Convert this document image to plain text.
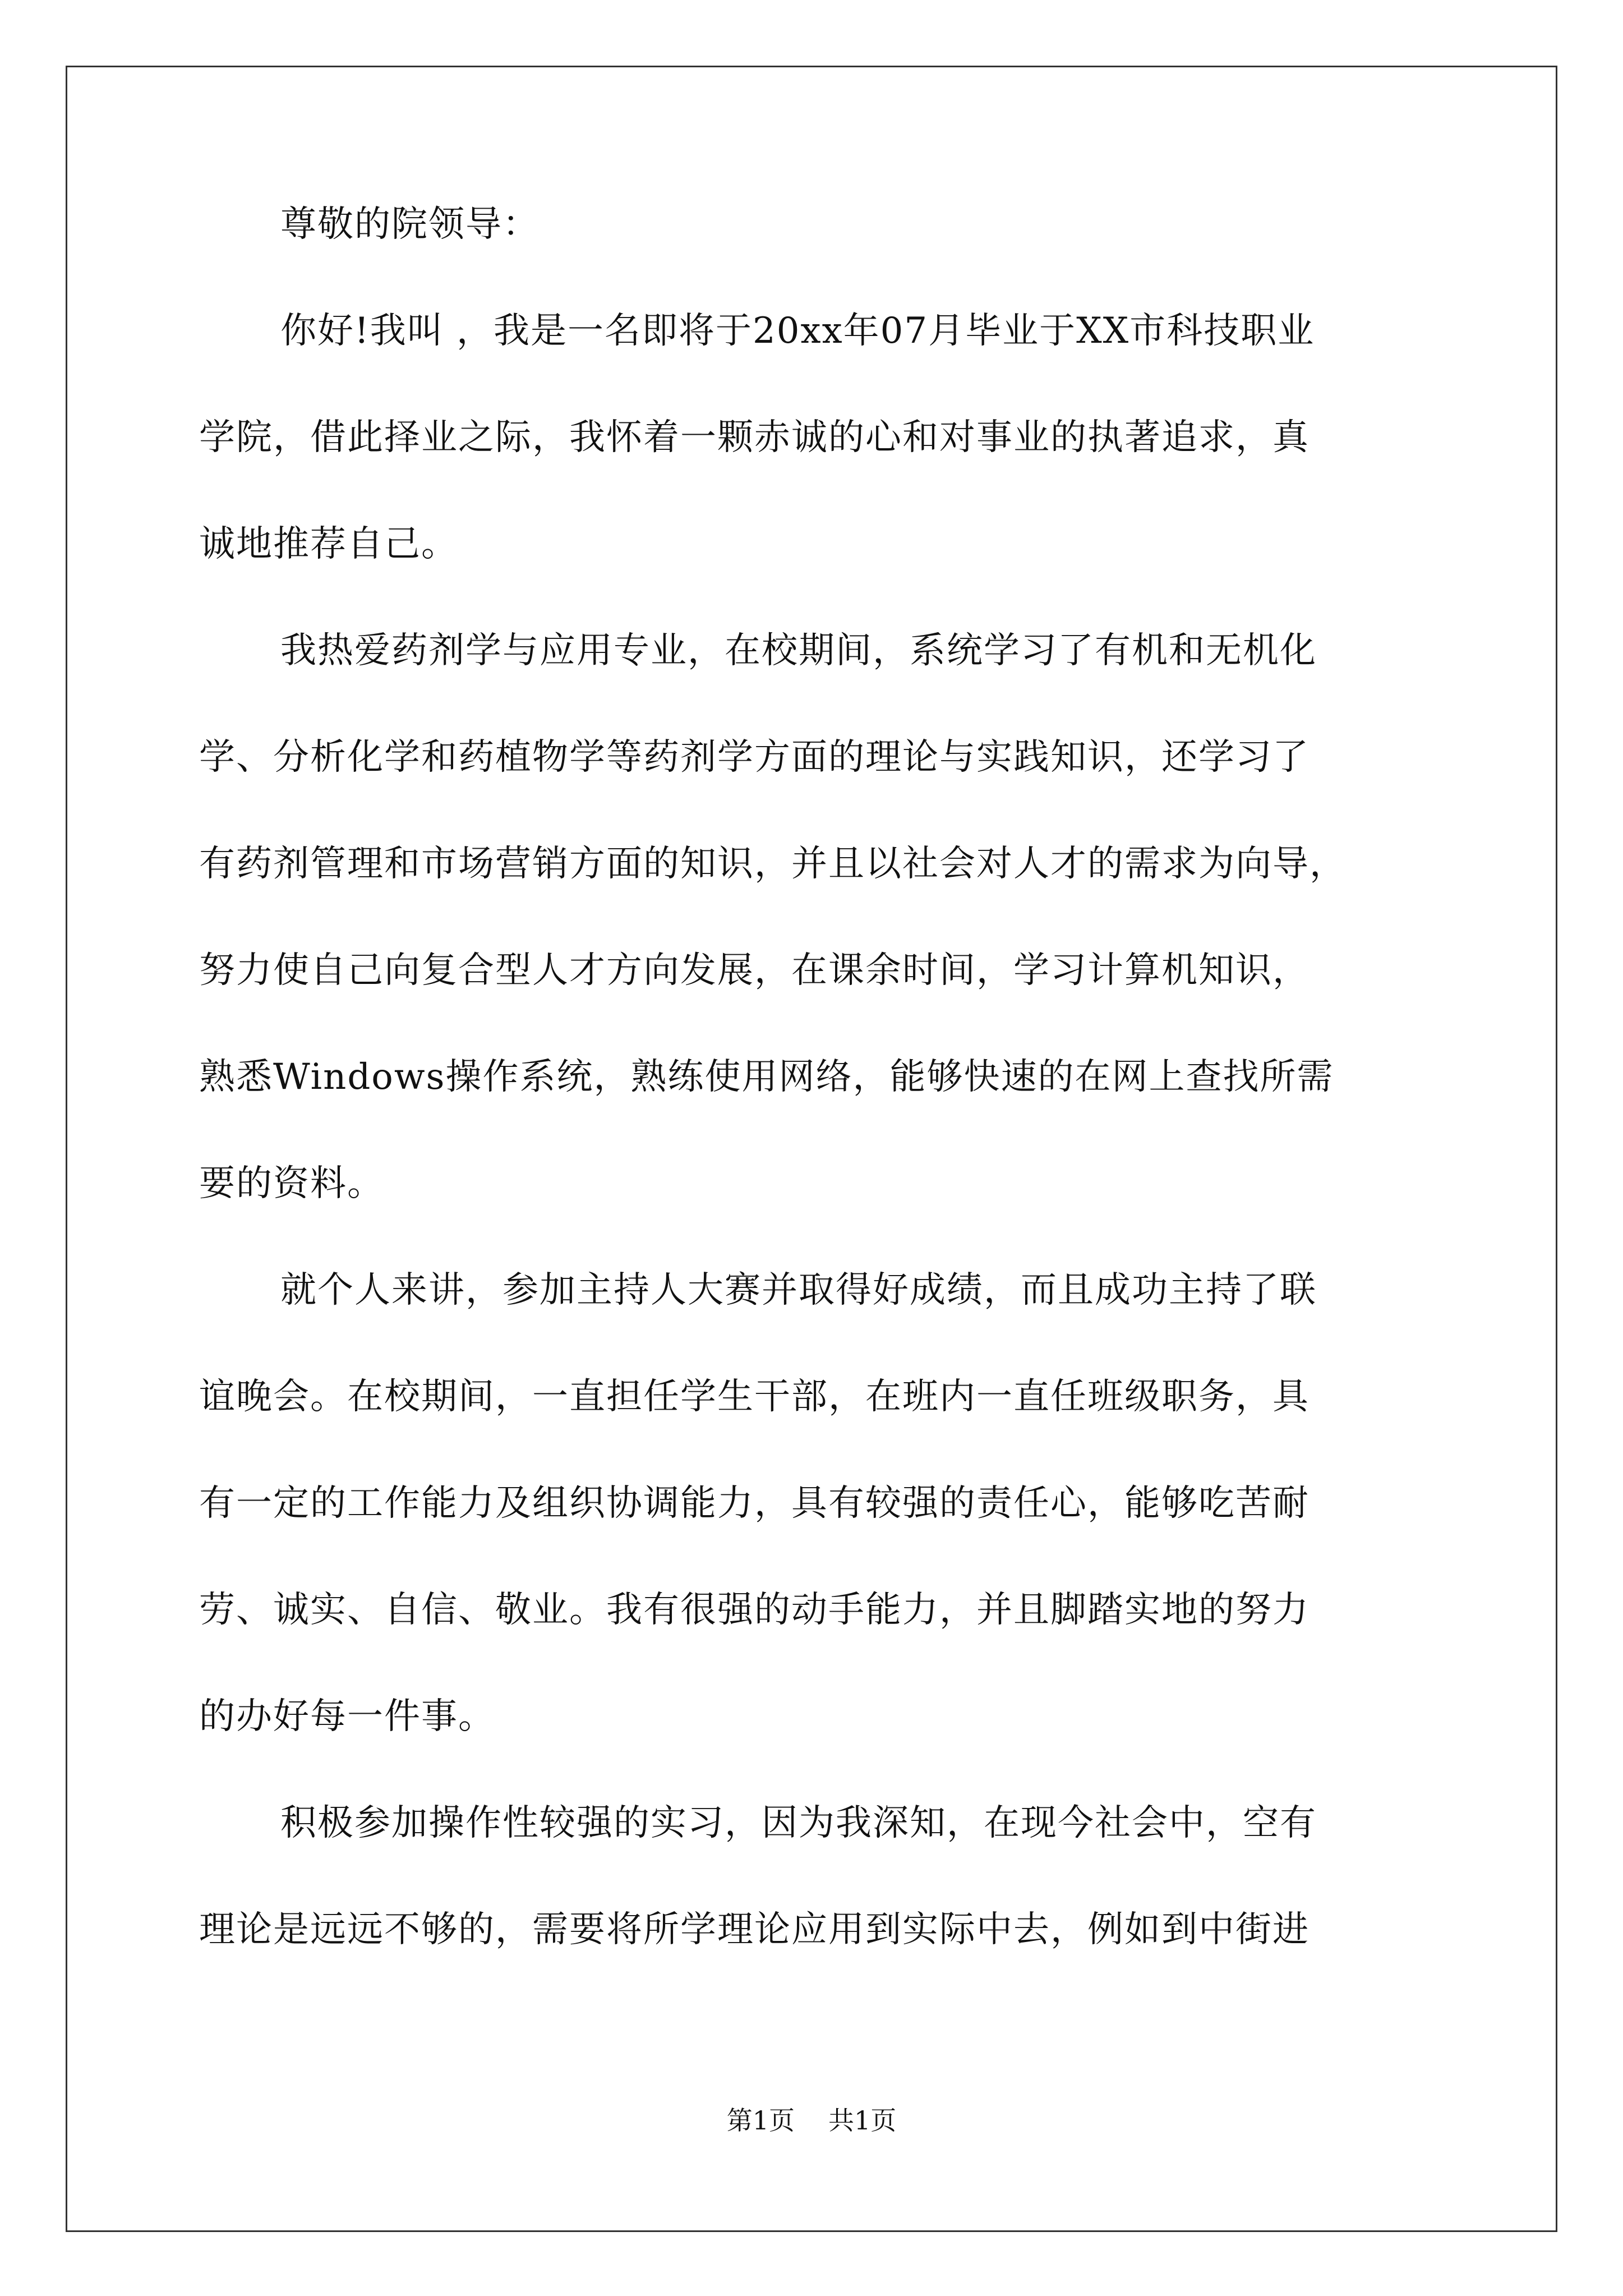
尊敬的院领导：
你好!我叫 ，我是一名即将于20xx年07月毕业于XX市科技职业
学院，借此择业之际，我怀着一颗赤诚的心和对事业的执著追求，真
诚地推荐自己。
我热爱药剂学与应用专业，在校期间，系统学习了有机和无机化
学、分析化学和药植物学等药剂学方面的理论与实践知识，还学习了
有药剂管理和市场营销方面的知识，并且以社会对人才的需求为向导，
努力使自己向复合型人才方向发展，在课余时间，学习计算机知识，
熟悉Windows操作系统，熟练使用网络，能够快速的在网上查找所需
要的资料。
就个人来讲，参加主持人大赛并取得好成绩，而且成功主持了联
谊晚会。在校期间，一直担任学生干部，在班内一直任班级职务，具
有一定的工作能力及组织协调能力，具有较强的责任心，能够吃苦耐
劳、诚实、自信、敬业。我有很强的动手能力，并且脚踏实地的努力
的办好每一件事。
积极参加操作性较强的实习，因为我深知，在现今社会中，空有
理论是远远不够的，需要将所学理论应用到实际中去，例如到中街进
第1页 共1页
